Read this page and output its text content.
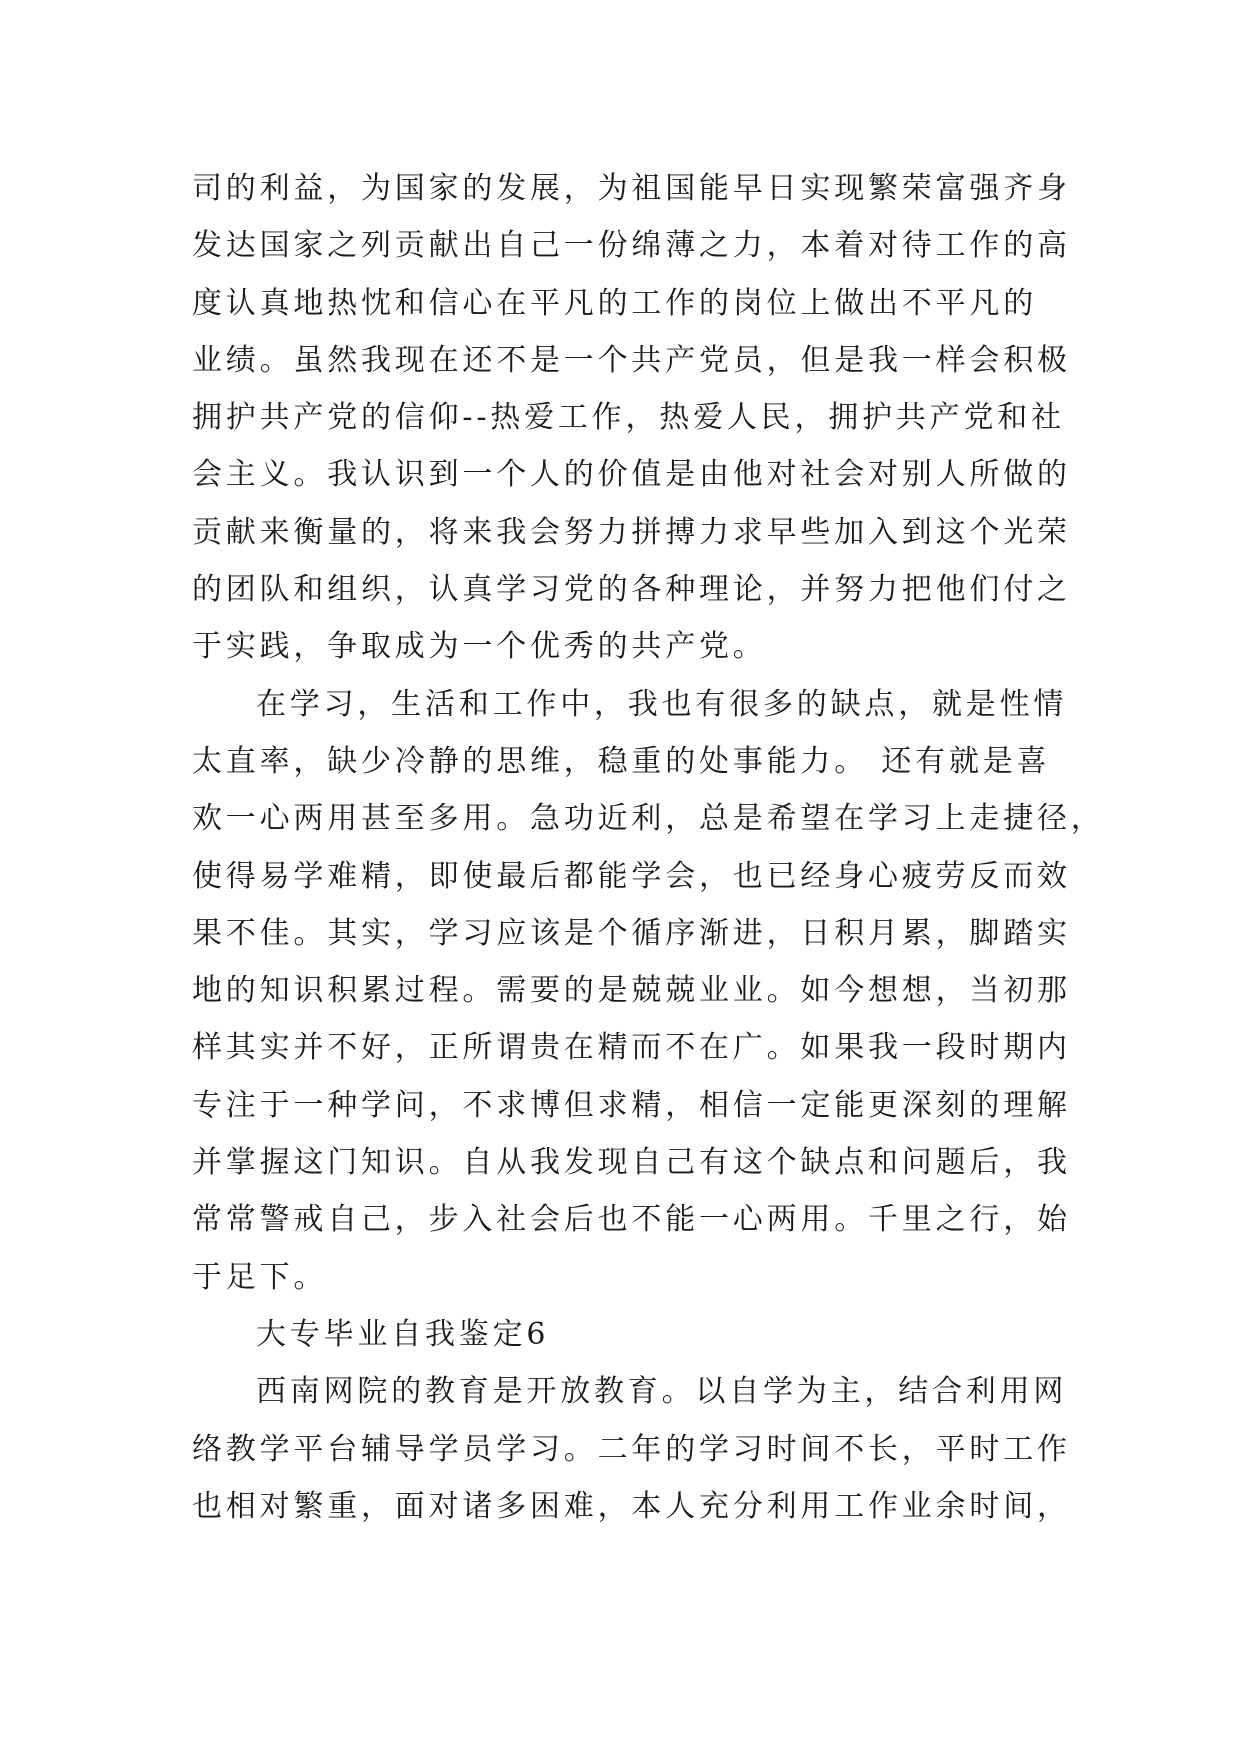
司的利益，为国家的发展，为祖国能早日实现繁荣富强齐身
发达国家之列贡献出自己一份绵薄之力，本着对待工作的高
度认真地热忱和信心在平凡的工作的岗位上做出不平凡的
业绩。虽然我现在还不是一个共产党员，但是我一样会积极
拥护共产党的信仰--热爱工作，热爱人民，拥护共产党和社
会主义。我认识到一个人的价值是由他对社会对别人所做的
贡献来衡量的，将来我会努力拼搏力求早些加入到这个光荣
的团队和组织，认真学习党的各种理论，并努力把他们付之
于实践，争取成为一个优秀的共产党。

在学习，生活和工作中，我也有很多的缺点，就是性情
太直率，缺少冷静的思维，稳重的处事能力。 还有就是喜
欢一心两用甚至多用。急功近利，总是希望在学习上走捷径，
使得易学难精，即使最后都能学会，也已经身心疲劳反而效
果不佳。其实，学习应该是个循序渐进，日积月累，脚踏实
地的知识积累过程。需要的是兢兢业业。如今想想，当初那
样其实并不好，正所谓贵在精而不在广。如果我一段时期内
专注于一种学问，不求博但求精，相信一定能更深刻的理解
并掌握这门知识。自从我发现自己有这个缺点和问题后，我
常常警戒自己，步入社会后也不能一心两用。千里之行，始
于足下。

大专毕业自我鉴定6

西南网院的教育是开放教育。以自学为主，结合利用网
络教学平台辅导学员学习。二年的学习时间不长，平时工作
也相对繁重，面对诸多困难，本人充分利用工作业余时间，
